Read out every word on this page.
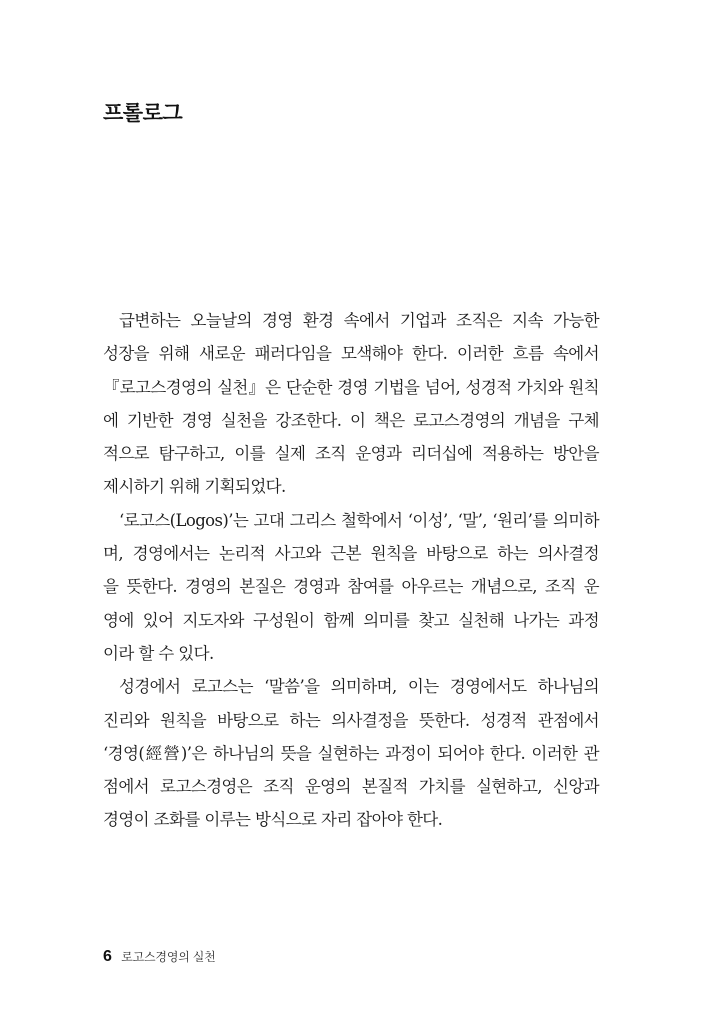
프롤로그
급변하는 오늘날의 경영 환경 속에서 기업과 조직은 지속 가능한
성장을 위해 새로운 패러다임을 모색해야 한다. 이러한 흐름 속에서
『로고스경영의 실천』은 단순한 경영 기법을 넘어, 성경적 가치와 원칙
에 기반한 경영 실천을 강조한다. 이 책은 로고스경영의 개념을 구체
적으로 탐구하고, 이를 실제 조직 운영과 리더십에 적용하는 방안을
제시하기 위해 기획되었다.
‘로고스(Logos)’는 고대 그리스 철학에서 ‘이성’, ‘말’, ‘원리’를 의미하
며, 경영에서는 논리적 사고와 근본 원칙을 바탕으로 하는 의사결정
을 뜻한다. 경영의 본질은 경영과 참여를 아우르는 개념으로, 조직 운
영에 있어 지도자와 구성원이 함께 의미를 찾고 실천해 나가는 과정
이라 할 수 있다.
성경에서 로고스는 ‘말씀’을 의미하며, 이는 경영에서도 하나님의
진리와 원칙을 바탕으로 하는 의사결정을 뜻한다. 성경적 관점에서
‘경영(經營)’은 하나님의 뜻을 실현하는 과정이 되어야 한다. 이러한 관
점에서 로고스경영은 조직 운영의 본질적 가치를 실현하고, 신앙과
경영이 조화를 이루는 방식으로 자리 잡아야 한다.
6 로고스경영의 실천
